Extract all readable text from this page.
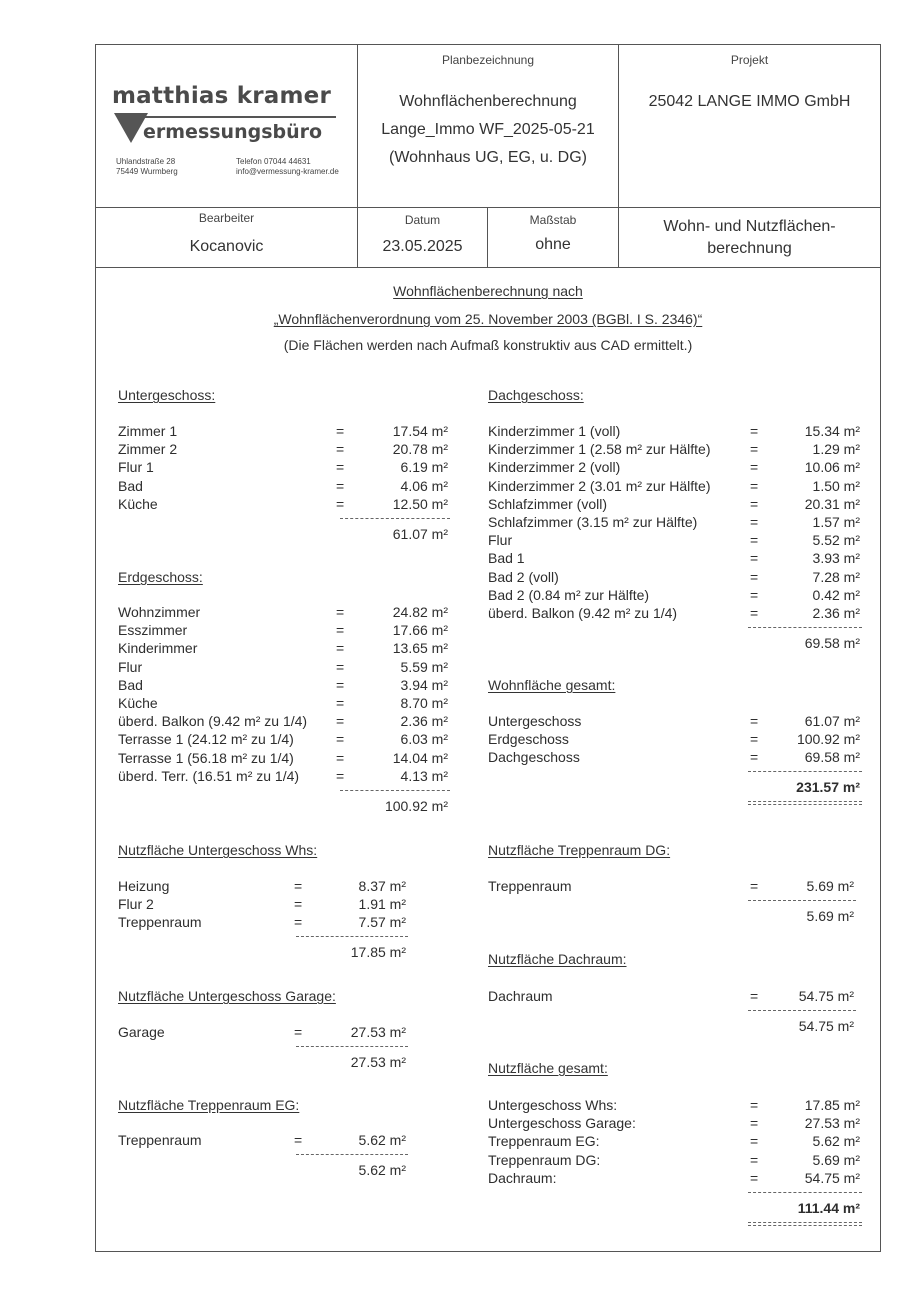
matthias kramer
ermessungsbüro
Uhlandstraße 28
75449 Wurmberg
Telefon 07044 44631
info@vermessung-kramer.de
Planbezeichnung
Wohnflächenberechnung
Lange_Immo WF_2025-05-21
(Wohnhaus UG, EG, u. DG)
Projekt
25042 LANGE IMMO GmbH
Bearbeiter
Kocanovic
Datum
23.05.2025
Maßstab
ohne
Wohn- und Nutzflächen-
berechnung
Wohnflächenberechnung nach
„Wohnflächenverordnung vom 25. November 2003 (BGBl. I S. 2346)“
(Die Flächen werden nach Aufmaß konstruktiv aus CAD ermittelt.)
Untergeschoss:
Zimmer 1	=	17.54 m²
Zimmer 2	=	20.78 m²
Flur 1	=	6.19 m²
Bad	=	4.06 m²
Küche	=	12.50 m²
61.07 m²
Erdgeschoss:
Wohnzimmer	=	24.82 m²
Esszimmer	=	17.66 m²
Kinderimmer	=	13.65 m²
Flur	=	5.59 m²
Bad	=	3.94 m²
Küche	=	8.70 m²
überd. Balkon (9.42 m² zu 1/4) =	2.36 m²
Terrasse 1 (24.12 m² zu 1/4)	=	6.03 m²
Terrasse 1 (56.18 m² zu 1/4)	=	14.04 m²
überd. Terr. (16.51 m² zu 1/4)	=	4.13 m²
100.92 m²
Dachgeschoss:
Kinderzimmer 1 (voll)	=	15.34 m²
Kinderzimmer 1 (2.58 m² zur Hälfte)	=	1.29 m²
Kinderzimmer 2 (voll)	=	10.06 m²
Kinderzimmer 2 (3.01 m² zur Hälfte)	=	1.50 m²
Schlafzimmer (voll)	=	20.31 m²
Schlafzimmer (3.15 m² zur Hälfte)	=	1.57 m²
Flur	=	5.52 m²
Bad 1	=	3.93 m²
Bad 2 (voll)	=	7.28 m²
Bad 2 (0.84 m² zur Hälfte)	=	0.42 m²
überd. Balkon (9.42 m² zu 1/4)	=	2.36 m²
69.58 m²
Wohnfläche gesamt:
Untergeschoss	=	61.07 m²
Erdgeschoss	=	100.92 m²
Dachgeschoss	=	69.58 m²
231.57 m²
Nutzfläche Untergeschoss Whs:
Heizung	=	8.37 m²
Flur 2	=	1.91 m²
Treppenraum	=	7.57 m²
17.85 m²
Nutzfläche Untergeschoss Garage:
Garage	=	27.53 m²
27.53 m²
Nutzfläche Treppenraum EG:
Treppenraum	=	5.62 m²
5.62 m²
Nutzfläche Treppenraum DG:
Treppenraum	=	5.69 m²
5.69 m²
Nutzfläche Dachraum:
Dachraum	=	54.75 m²
54.75 m²
Nutzfläche gesamt:
Untergeschoss Whs:	=	17.85 m²
Untergeschoss Garage:	=	27.53 m²
Treppenraum EG:	=	5.62 m²
Treppenraum DG:	=	5.69 m²
Dachraum:	=	54.75 m²
111.44 m²
